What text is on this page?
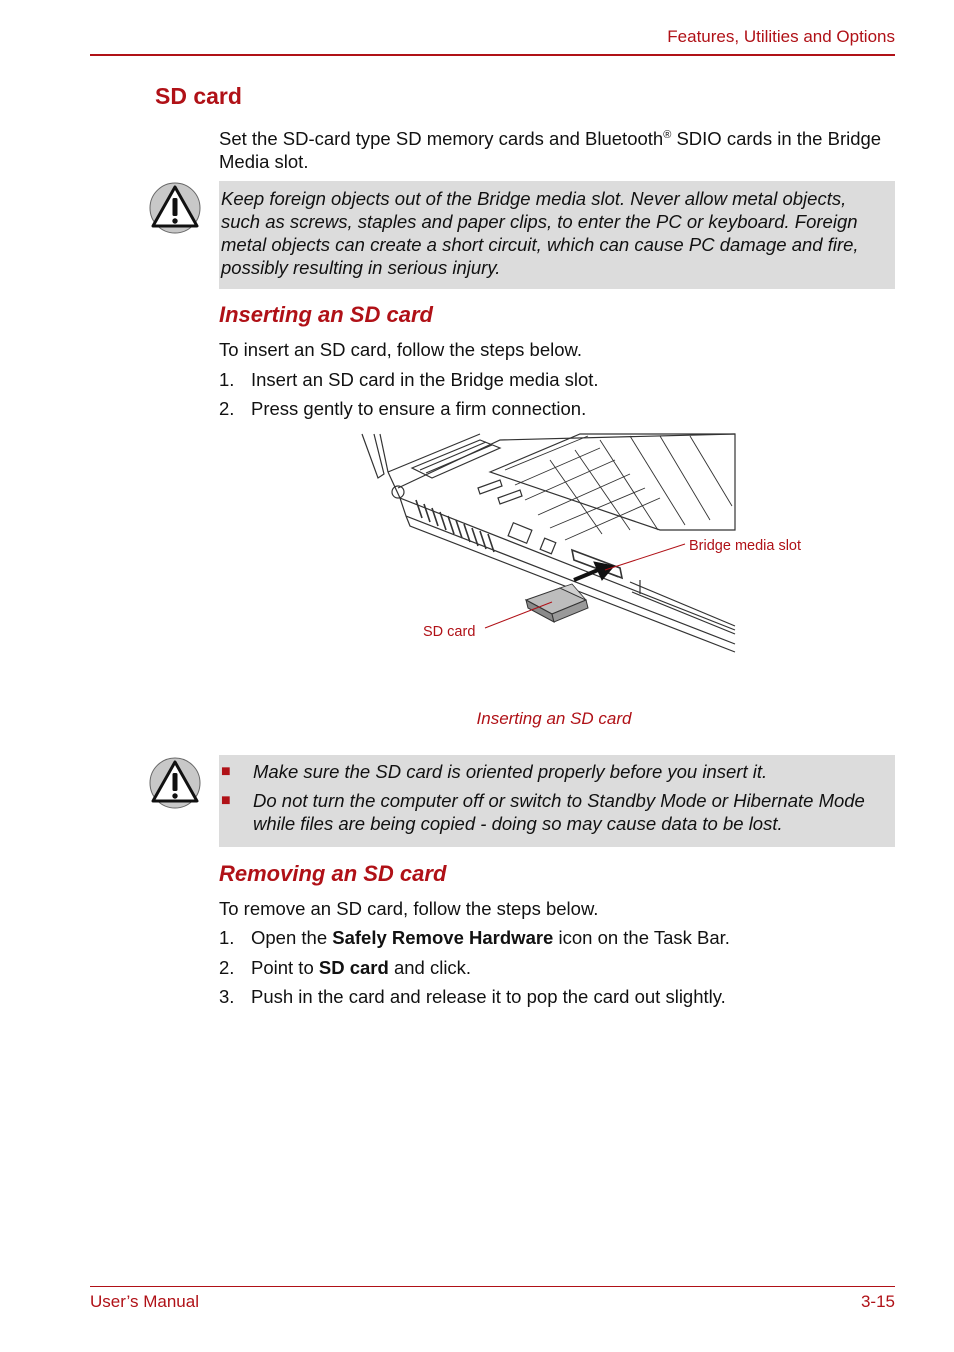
Features, Utilities and Options
SD card
Set the SD-card type SD memory cards and Bluetooth® SDIO cards in the Bridge Media slot.
Keep foreign objects out of the Bridge media slot. Never allow metal objects, such as screws, staples and paper clips, to enter the PC or keyboard. Foreign metal objects can create a short circuit, which can cause PC damage and fire, possibly resulting in serious injury.
Inserting an SD card
To insert an SD card, follow the steps below.
1. Insert an SD card in the Bridge media slot.
2. Press gently to ensure a firm connection.
Bridge media slot
SD card
Inserting an SD card
■	Make sure the SD card is oriented properly before you insert it.
■	Do not turn the computer off or switch to Standby Mode or Hibernate Mode while files are being copied - doing so may cause data to be lost.
Removing an SD card
To remove an SD card, follow the steps below.
1. Open the Safely Remove Hardware icon on the Task Bar.
2. Point to SD card and click.
3. Push in the card and release it to pop the card out slightly.
User’s Manual	3-15
